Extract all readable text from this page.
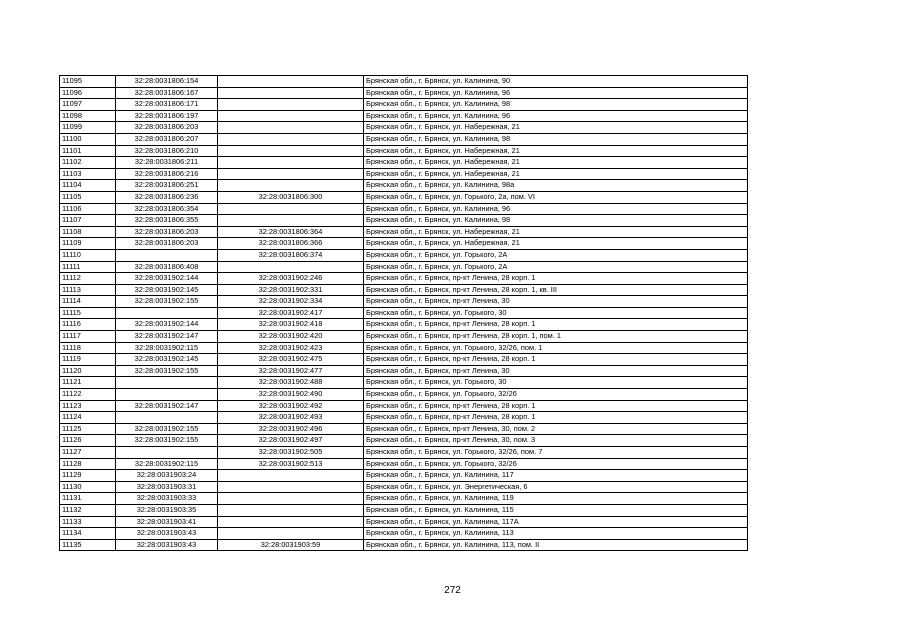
11095	32:28:0031806:154		Брянская обл., г. Брянск, ул. Калинина, 90
11096	32:28:0031806:167		Брянская обл., г. Брянск, ул. Калинина, 96
11097	32:28:0031806:171		Брянская обл., г. Брянск, ул. Калинина, 98
11098	32:28:0031806:197		Брянская обл., г. Брянск, ул. Калинина, 96
11099	32:28:0031806:203		Брянская обл., г. Брянск, ул. Набережная, 21
11100	32:28:0031806:207		Брянская обл., г. Брянск, ул. Калинина, 98
11101	32:28:0031806:210		Брянская обл., г. Брянск, ул. Набережная, 21
11102	32:28:0031806:211		Брянская обл., г. Брянск, ул. Набережная, 21
11103	32:28:0031806:216		Брянская обл., г. Брянск, ул. Набережная, 21
11104	32:28:0031806:251		Брянская обл., г. Брянск, ул. Калинина, 98а
11105	32:28:0031806:236	32:28:0031806:300	Брянская обл., г. Брянск, ул. Горького, 2а, пом. VI
11106	32:28:0031806:354		Брянская обл., г. Брянск, ул. Калинина, 96
11107	32:28:0031806:355		Брянская обл., г. Брянск, ул. Калинина, 98
11108	32:28:0031806:203	32:28:0031806:364	Брянская обл., г. Брянск, ул. Набережная, 21
11109	32:28:0031806:203	32:28:0031806:366	Брянская обл., г. Брянск, ул. Набережная, 21
11110		32:28:0031806:374	Брянская обл., г. Брянск, ул. Горького, 2А
11111	32:28:0031806:408		Брянская обл., г. Брянск, ул. Горького, 2А
11112	32:28:0031902:144	32:28:0031902:246	Брянская обл., г. Брянск, пр-кт Ленина, 28 корп. 1
11113	32:28:0031902:145	32:28:0031902:331	Брянская обл., г. Брянск, пр-кт Ленина, 28 корп. 1, кв. III
11114	32:28:0031902:155	32:28:0031902:334	Брянская обл., г. Брянск, пр-кт Ленина, 30
11115		32:28:0031902:417	Брянская обл., г. Брянск, ул. Горького, 30
11116	32:28:0031902:144	32:28:0031902:418	Брянская обл., г. Брянск, пр-кт Ленина, 28 корп. 1
11117	32:28:0031902:147	32:28:0031902:420	Брянская обл., г. Брянск, пр-кт Ленина, 28 корп. 1, пом. 1
11118	32:28:0031902:115	32:28:0031902:423	Брянская обл., г. Брянск, ул. Горького, 32/26, пом. 1
11119	32:28:0031902:145	32:28:0031902:475	Брянская обл., г. Брянск, пр-кт Ленина, 28 корп. 1
11120	32:28:0031902:155	32:28:0031902:477	Брянская обл., г. Брянск, пр-кт Ленина, 30
11121		32:28:0031902:488	Брянская обл., г. Брянск, ул. Горького, 30
11122		32:28:0031902:490	Брянская обл., г. Брянск, ул. Горького, 32/26
11123	32:28:0031902:147	32:28:0031902:492	Брянская обл., г. Брянск, пр-кт Ленина, 28 корп. 1
11124		32:28:0031902:493	Брянская обл., г. Брянск, пр-кт Ленина, 28 корп. 1
11125	32:28:0031902:155	32:28:0031902:496	Брянская обл., г. Брянск, пр-кт Ленина, 30, пом. 2
11126	32:28:0031902:155	32:28:0031902:497	Брянская обл., г. Брянск, пр-кт Ленина, 30, пом. 3
11127		32:28:0031902:505	Брянская обл., г. Брянск, ул. Горького, 32/26, пом. 7
11128	32:28:0031902:115	32:28:0031902:513	Брянская обл., г. Брянск, ул. Горького, 32/26
11129	32:28:0031903:24		Брянская обл., г. Брянск, ул. Калинина, 117
11130	32:28:0031903:31		Брянская обл., г. Брянск, ул. Энергетическая, 6
11131	32:28:0031903:33		Брянская обл., г. Брянск, ул. Калинина, 119
11132	32:28:0031903:35		Брянская обл., г. Брянск, ул. Калинина, 115
11133	32:28:0031903:41		Брянская обл., г. Брянск, ул. Калинина, 117А
11134	32:28:0031903:43		Брянская обл., г. Брянск, ул. Калинина, 113
11135	32:28:0031903:43	32:28:0031903:59	Брянская обл., г. Брянск, ул. Калинина, 113, пом. II
272
